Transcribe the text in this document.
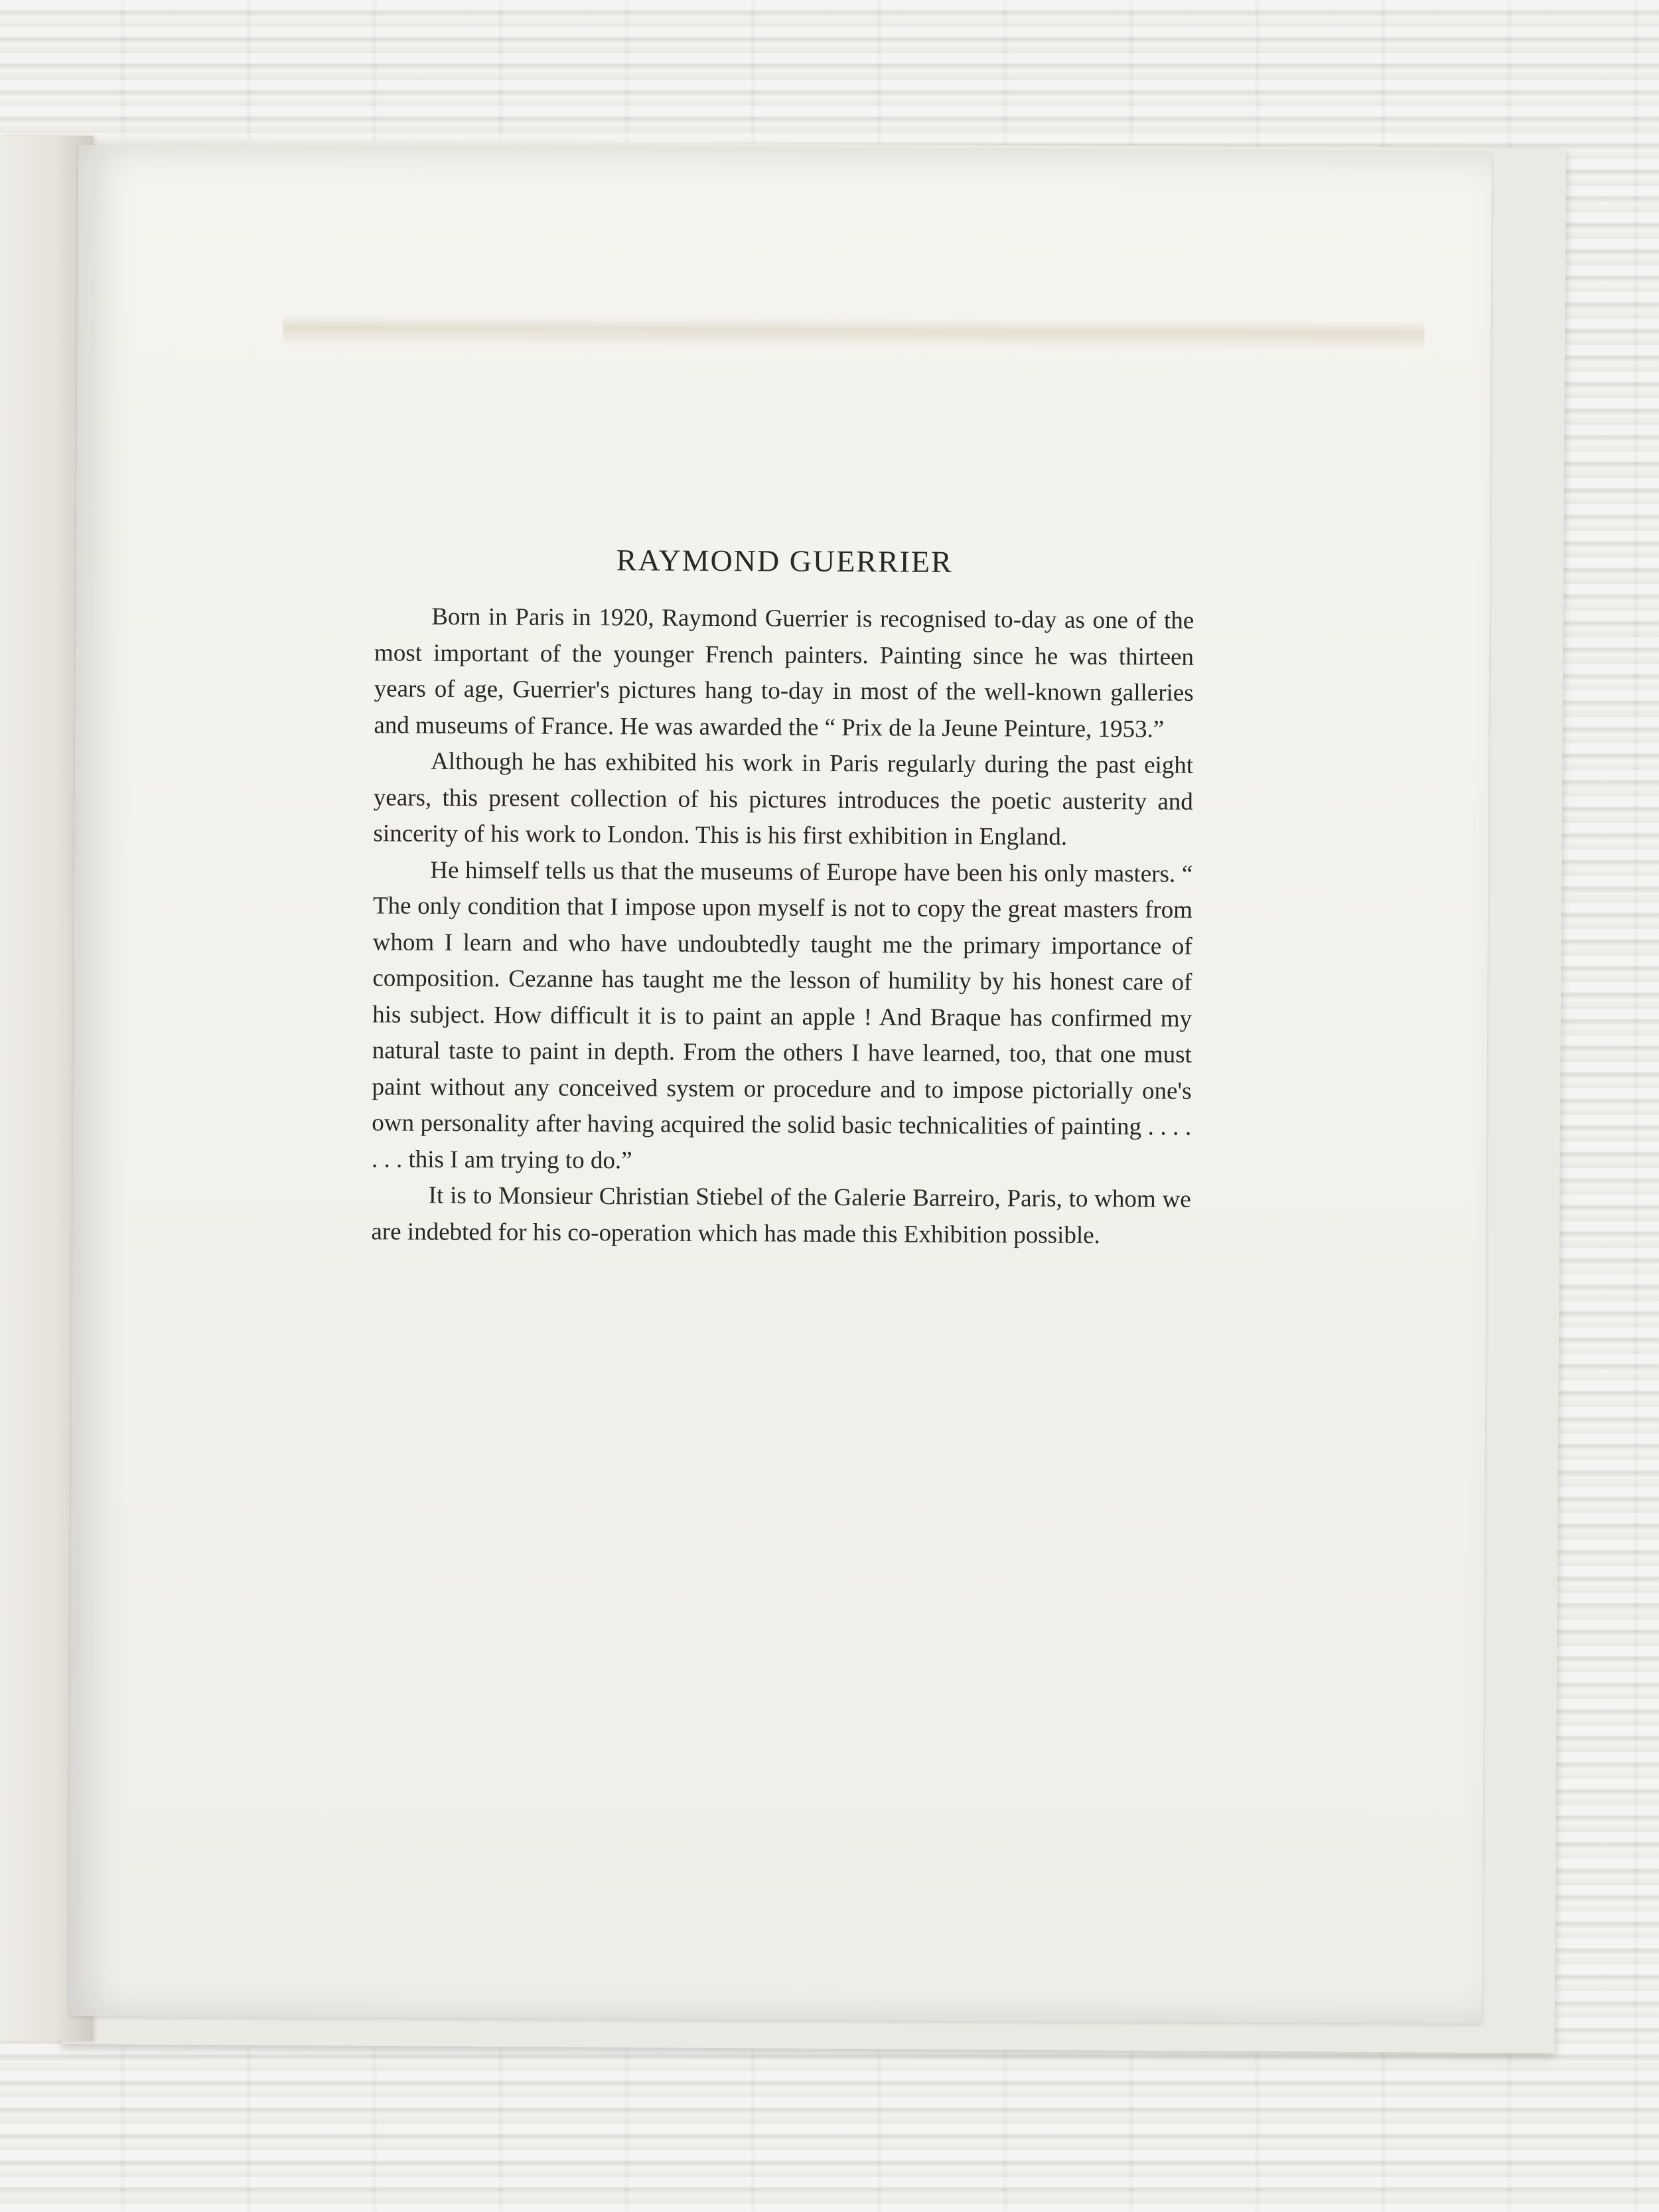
RAYMOND GUERRIER

Born in Paris in 1920, Raymond Guerrier is recognised to-day as one of the most important of the younger French painters. Painting since he was thirteen years of age, Guerrier's pictures hang to-day in most of the well-known galleries and museums of France. He was awarded the “ Prix de la Jeune Peinture, 1953.”

Although he has exhibited his work in Paris regularly during the past eight years, this present collection of his pictures introduces the poetic austerity and sincerity of his work to London. This is his first exhibition in England.

He himself tells us that the museums of Europe have been his only masters. “ The only condition that I impose upon myself is not to copy the great masters from whom I learn and who have undoubtedly taught me the primary importance of composition. Cezanne has taught me the lesson of humility by his honest care of his subject. How difficult it is to paint an apple ! And Braque has confirmed my natural taste to paint in depth. From the others I have learned, too, that one must paint without any conceived system or procedure and to impose pictorially one's own personality after having acquired the solid basic technicalities of painting . . . . . . . this I am trying to do.”

It is to Monsieur Christian Stiebel of the Galerie Barreiro, Paris, to whom we are indebted for his co-operation which has made this Exhibition possible.
